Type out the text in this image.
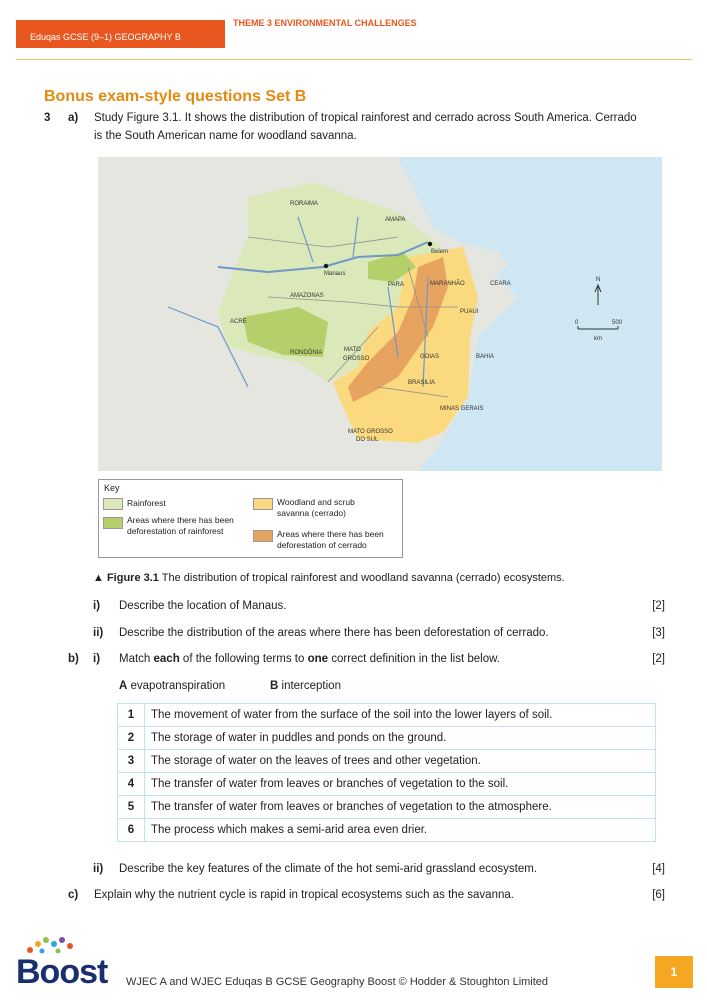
Eduqas GCSE (9–1) GEOGRAPHY B
THEME 3 ENVIRONMENTAL CHALLENGES
Bonus exam-style questions Set B
3 a) Study Figure 3.1. It shows the distribution of tropical rainforest and cerrado across South America. Cerrado
is the South American name for woodland savanna.
RORAIMA
AMAPA
Belem
Manaus
AMAZONAS
PARA	MARANHÃO	CEARA
PUAUI
ACRE
RONDÔNIA	MATO
GROSSO	GOIAS	BAHIA
BRASILIA
MINAS GERAIS
MATO GROSSO
DO SUL
N
0	500
km
Key
Rainforest
Areas where there has been
deforestation of rainforest
Woodland and scrub
savanna (cerrado)
Areas where there has been
deforestation of cerrado
▲ Figure 3.1 The distribution of tropical rainforest and woodland savanna (cerrado) ecosystems.
i) Describe the location of Manaus.	[2]
ii) Describe the distribution of the areas where there has been deforestation of cerrado.	[3]
b) i) Match each of the following terms to one correct definition in the list below.	[2]
A evapotranspiration	B interception
1	The movement of water from the surface of the soil into the lower layers of soil.
2	The storage of water in puddles and ponds on the ground.
3	The storage of water on the leaves of trees and other vegetation.
4	The transfer of water from leaves or branches of vegetation to the soil.
5	The transfer of water from leaves or branches of vegetation to the atmosphere.
6	The process which makes a semi-arid area even drier.
ii) Describe the key features of the climate of the hot semi-arid grassland ecosystem.	[4]
c) Explain why the nutrient cycle is rapid in tropical ecosystems such as the savanna.	[6]
Boost WJEC A and WJEC Eduqas B GCSE Geography Boost © Hodder & Stoughton Limited
1
